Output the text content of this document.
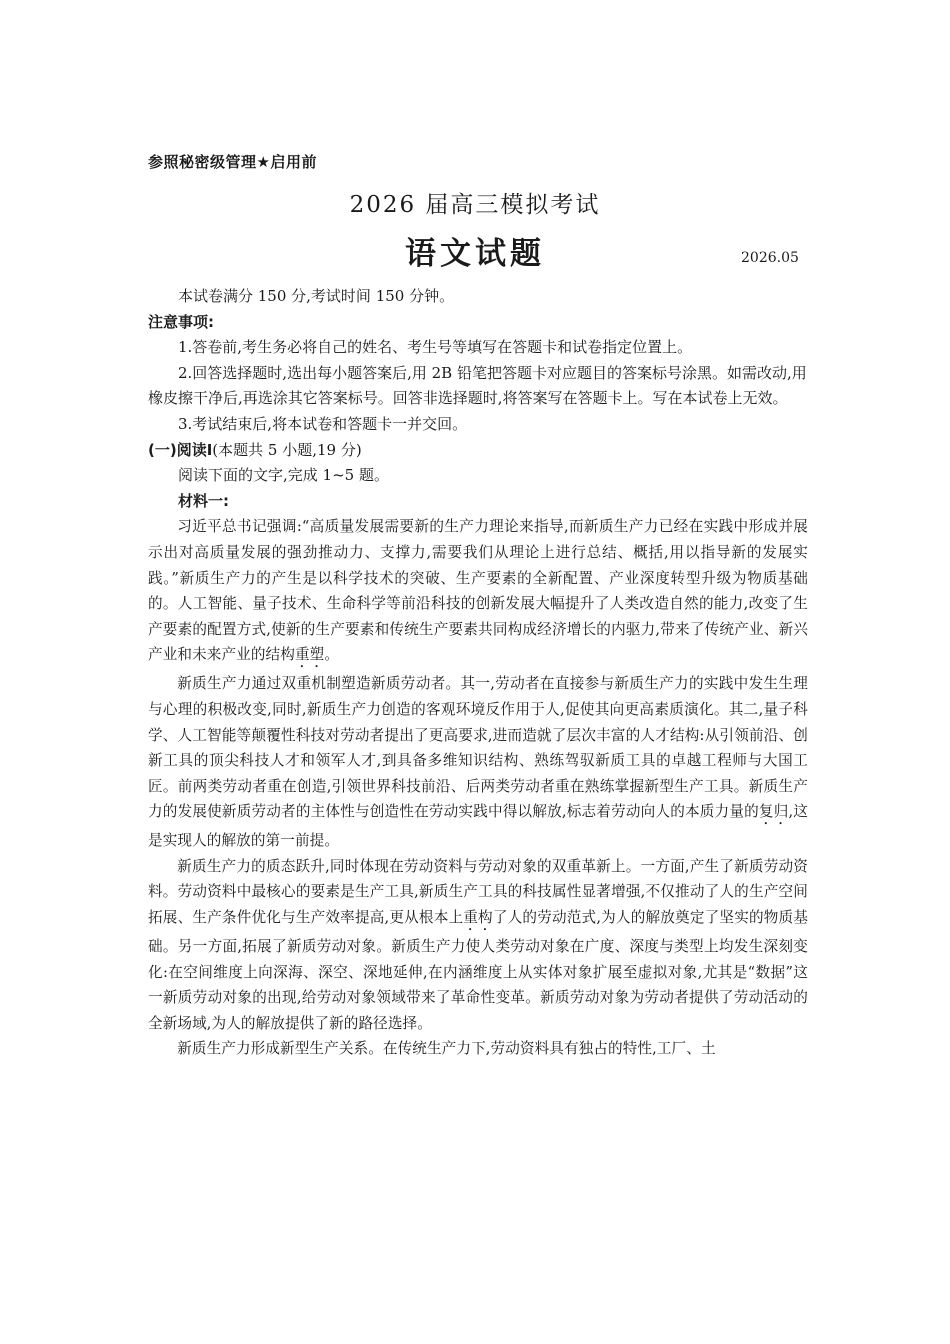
参照秘密级管理★启用前
2026 届高三模拟考试
语文试题	2026.05

本试卷满分 150 分,考试时间 150 分钟。

注意事项:

1.答卷前,考生务必将自己的姓名、考生号等填写在答题卡和试卷指定位置上。

2.回答选择题时,选出每小题答案后,用 2B 铅笔把答题卡对应题目的答案标号涂黑。如需改动,用橡皮擦干净后,再选涂其它答案标号。回答非选择题时,将答案写在答题卡上。写在本试卷上无效。

3.考试结束后,将本试卷和答题卡一并交回。

(一)阅读Ⅰ(本题共 5 小题,19 分)

阅读下面的文字,完成 1~5 题。

材料一:

习近平总书记强调:“高质量发展需要新的生产力理论来指导,而新质生产力已经在实践中形成并展示出对高质量发展的强劲推动力、支撑力,需要我们从理论上进行总结、概括,用以指导新的发展实践。”新质生产力的产生是以科学技术的突破、生产要素的全新配置、产业深度转型升级为物质基础的。人工智能、量子技术、生命科学等前沿科技的创新发展大幅提升了人类改造自然的能力,改变了生产要素的配置方式,使新的生产要素和传统生产要素共同构成经济增长的内驱力,带来了传统产业、新兴产业和未来产业的结构重塑。

新质生产力通过双重机制塑造新质劳动者。其一,劳动者在直接参与新质生产力的实践中发生生理与心理的积极改变,同时,新质生产力创造的客观环境反作用于人,促使其向更高素质演化。其二,量子科学、人工智能等颠覆性科技对劳动者提出了更高要求,进而造就了层次丰富的人才结构:从引领前沿、创新工具的顶尖科技人才和领军人才,到具备多维知识结构、熟练驾驭新质工具的卓越工程师与大国工匠。前两类劳动者重在创造,引领世界科技前沿、后两类劳动者重在熟练掌握新型生产工具。新质生产力的发展使新质劳动者的主体性与创造性在劳动实践中得以解放,标志着劳动向人的本质力量的复归,这是实现人的解放的第一前提。

新质生产力的质态跃升,同时体现在劳动资料与劳动对象的双重革新上。一方面,产生了新质劳动资料。劳动资料中最核心的要素是生产工具,新质生产工具的科技属性显著增强,不仅推动了人的生产空间拓展、生产条件优化与生产效率提高,更从根本上重构了人的劳动范式,为人的解放奠定了坚实的物质基础。另一方面,拓展了新质劳动对象。新质生产力使人类劳动对象在广度、深度与类型上均发生深刻变化:在空间维度上向深海、深空、深地延伸,在内涵维度上从实体对象扩展至虚拟对象,尤其是“数据”这一新质劳动对象的出现,给劳动对象领域带来了革命性变革。新质劳动对象为劳动者提供了劳动活动的全新场域,为人的解放提供了新的路径选择。

新质生产力形成新型生产关系。在传统生产力下,劳动资料具有独占的特性,工厂、土
